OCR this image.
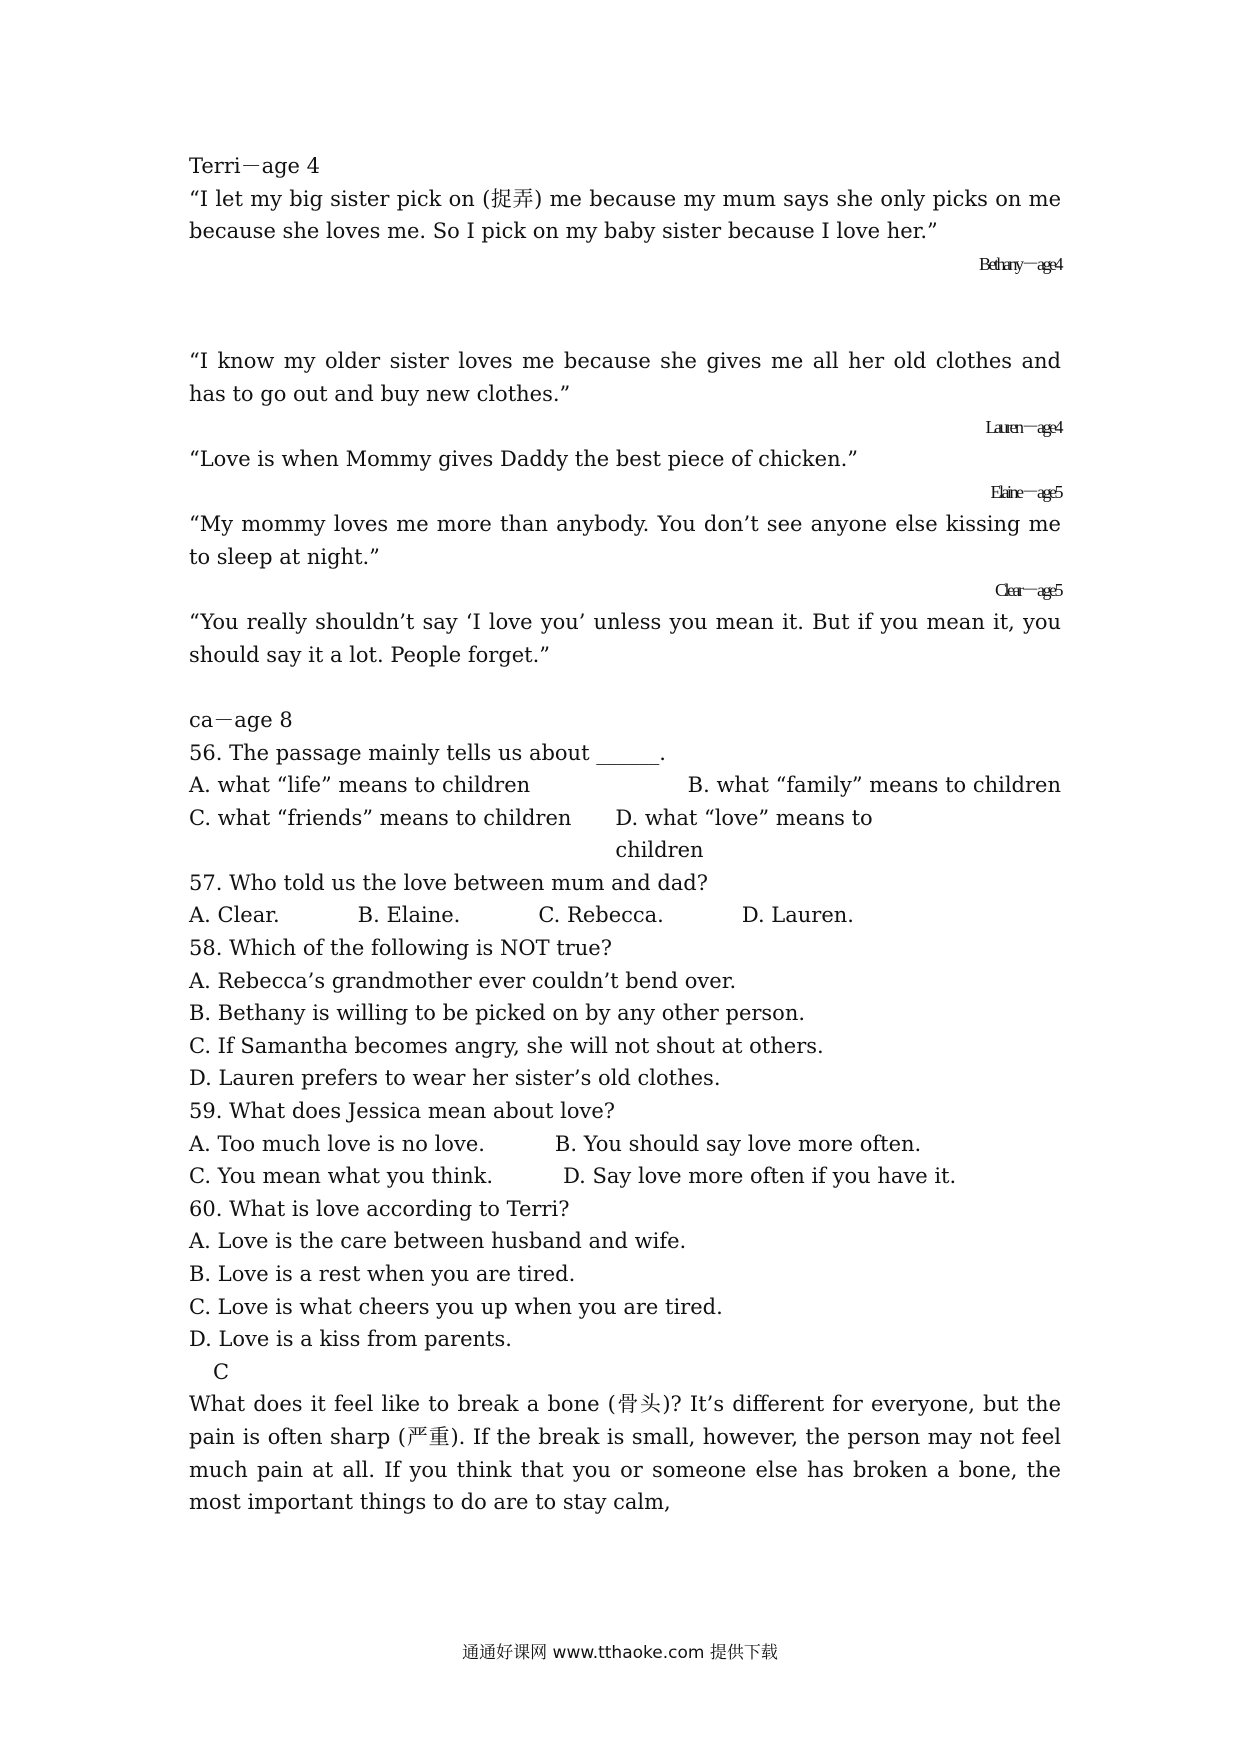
Terri－age 4

“I let my big sister pick on (捉弄) me because my mum says she only picks on me because she loves me. So I pick on my baby sister because I love her.”

Bethany－age4

“I know my older sister loves me because she gives me all her old clothes and has to go out and buy new clothes.”

Lauren－age4

“Love is when Mommy gives Daddy the best piece of chicken.”

Elaine－age5

“My mommy loves me more than anybody. You don’t see anyone else kissing me to sleep at night.”

Clear－age5

“You really shouldn’t say ‘I love you’ unless you mean it. But if you mean it, you should say it a lot. People forget.”

ca－age 8

56. The passage mainly tells us about ______.

A. what “life” means to children	B. what “family” means to children
C. what “friends” means to children D. what “love” means to children

57. Who told us the love between mum and dad?

A. Clear.	B. Elaine.	C. Rebecca.	D. Lauren.

58. Which of the following is NOT true?

A. Rebecca’s grandmother ever couldn’t bend over.

B. Bethany is willing to be picked on by any other person.

C. If Samantha becomes angry, she will not shout at others.

D. Lauren prefers to wear her sister’s old clothes.

59. What does Jessica mean about love?

A. Too much love is no love.	B. You should say love more often.
C. You mean what you think.	D. Say love more often if you have it.

60. What is love according to Terri?

A. Love is the care between husband and wife.

B. Love is a rest when you are tired.

C. Love is what cheers you up when you are tired.

D. Love is a kiss from parents.

C

What does it feel like to break a bone (骨头)? It’s different for everyone, but the pain is often sharp (严重). If the break is small, however, the person may not feel much pain at all. If you think that you or someone else has broken a bone, the most important things to do are to stay calm,

通通好课网 www.tthaoke.com 提供下载
